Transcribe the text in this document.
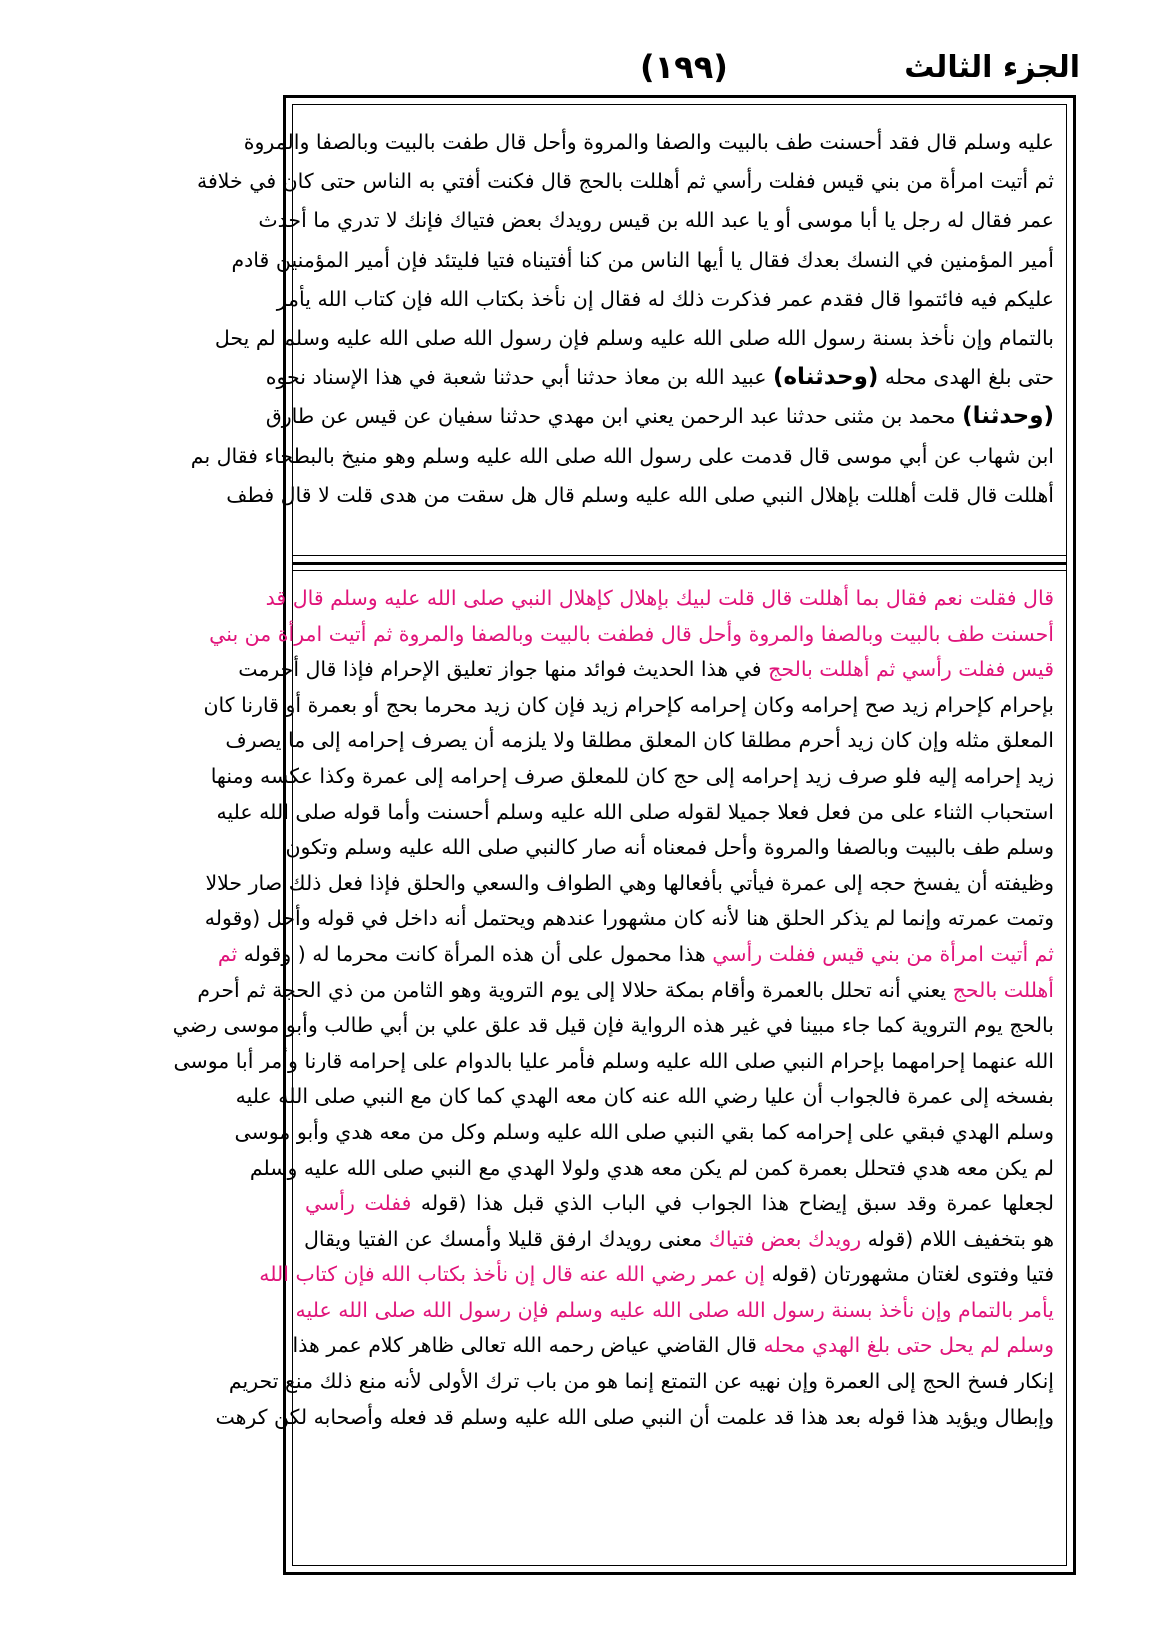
الجزء الثالث
(١٩٩)
عليه وسلم قال فقد أحسنت طف بالبيت والصفا والمروة وأحل قال طفت بالبيت وبالصفا والمروة
ثم أتيت امرأة من بني قيس ففلت رأسي ثم أهللت بالحج قال فكنت أفتي به الناس حتى كان في خلافة
عمر فقال له رجل يا أبا موسى أو يا عبد الله بن قيس رويدك بعض فتياك فإنك لا تدري ما أحدث
أمير المؤمنين في النسك بعدك فقال يا أيها الناس من كنا أفتيناه فتيا فليتئد فإن أمير المؤمنين قادم
عليكم فيه فائتموا قال فقدم عمر فذكرت ذلك له فقال إن نأخذ بكتاب الله فإن كتاب الله يأمر
بالتمام وإن نأخذ بسنة رسول الله صلى الله عليه وسلم فإن رسول الله صلى الله عليه وسلم لم يحل
حتى بلغ الهدى محله (وحدثناه) عبيد الله بن معاذ حدثنا أبي حدثنا شعبة في هذا الإسناد نحوه
(وحدثنا) محمد بن مثنى حدثنا عبد الرحمن يعني ابن مهدي حدثنا سفيان عن قيس عن طارق
ابن شهاب عن أبي موسى قال قدمت على رسول الله صلى الله عليه وسلم وهو منيخ بالبطحاء فقال بم
أهللت قال قلت أهللت بإهلال النبي صلى الله عليه وسلم قال هل سقت من هدى قلت لا قال فطف
قال فقلت نعم فقال بما أهللت قال قلت لبيك بإهلال كإهلال النبي صلى الله عليه وسلم قال قد
أحسنت طف بالبيت وبالصفا والمروة وأحل قال فطفت بالبيت وبالصفا والمروة ثم أتيت امرأة من بني
قيس ففلت رأسي ثم أهللت بالحج في هذا الحديث فوائد منها جواز تعليق الإحرام فإذا قال أحرمت
بإحرام كإحرام زيد صح إحرامه وكان إحرامه كإحرام زيد فإن كان زيد محرما بحج أو بعمرة أو قارنا كان
المعلق مثله وإن كان زيد أحرم مطلقا كان المعلق مطلقا ولا يلزمه أن يصرف إحرامه إلى ما يصرف
زيد إحرامه إليه فلو صرف زيد إحرامه إلى حج كان للمعلق صرف إحرامه إلى عمرة وكذا عكسه ومنها
استحباب الثناء على من فعل فعلا جميلا لقوله صلى الله عليه وسلم أحسنت وأما قوله صلى الله عليه
وسلم طف بالبيت وبالصفا والمروة وأحل فمعناه أنه صار كالنبي صلى الله عليه وسلم وتكون
وظيفته أن يفسخ حجه إلى عمرة فيأتي بأفعالها وهي الطواف والسعي والحلق فإذا فعل ذلك صار حلالا
وتمت عمرته وإنما لم يذكر الحلق هنا لأنه كان مشهورا عندهم ويحتمل أنه داخل في قوله وأحل (وقوله
ثم أتيت امرأة من بني قيس ففلت رأسي هذا محمول على أن هذه المرأة كانت محرما له ( وقوله ثم
أهللت بالحج يعني أنه تحلل بالعمرة وأقام بمكة حلالا إلى يوم التروية وهو الثامن من ذي الحجة ثم أحرم
بالحج يوم التروية كما جاء مبينا في غير هذه الرواية فإن قيل قد علق علي بن أبي طالب وأبو موسى رضي
الله عنهما إحرامهما بإحرام النبي صلى الله عليه وسلم فأمر عليا بالدوام على إحرامه قارنا وأمر أبا موسى
بفسخه إلى عمرة فالجواب أن عليا رضي الله عنه كان معه الهدي كما كان مع النبي صلى الله عليه
وسلم الهدي فبقي على إحرامه كما بقي النبي صلى الله عليه وسلم وكل من معه هدي وأبو موسى
لم يكن معه هدي فتحلل بعمرة كمن لم يكن معه هدي ولولا الهدي مع النبي صلى الله عليه وسلم
لجعلها عمرة وقد سبق إيضاح هذا الجواب في الباب الذي قبل هذا (قوله ففلت رأسي
هو بتخفيف اللام (قوله رويدك بعض فتياك معنى رويدك ارفق قليلا وأمسك عن الفتيا ويقال
فتيا وفتوى لغتان مشهورتان (قوله إن عمر رضي الله عنه قال إن نأخذ بكتاب الله فإن كتاب الله
يأمر بالتمام وإن نأخذ بسنة رسول الله صلى الله عليه وسلم فإن رسول الله صلى الله عليه
وسلم لم يحل حتى بلغ الهدي محله قال القاضي عياض رحمه الله تعالى ظاهر كلام عمر هذا
إنكار فسخ الحج إلى العمرة وإن نهيه عن التمتع إنما هو من باب ترك الأولى لأنه منع ذلك منع تحريم
وإبطال ويؤيد هذا قوله بعد هذا قد علمت أن النبي صلى الله عليه وسلم قد فعله وأصحابه لكن كرهت
